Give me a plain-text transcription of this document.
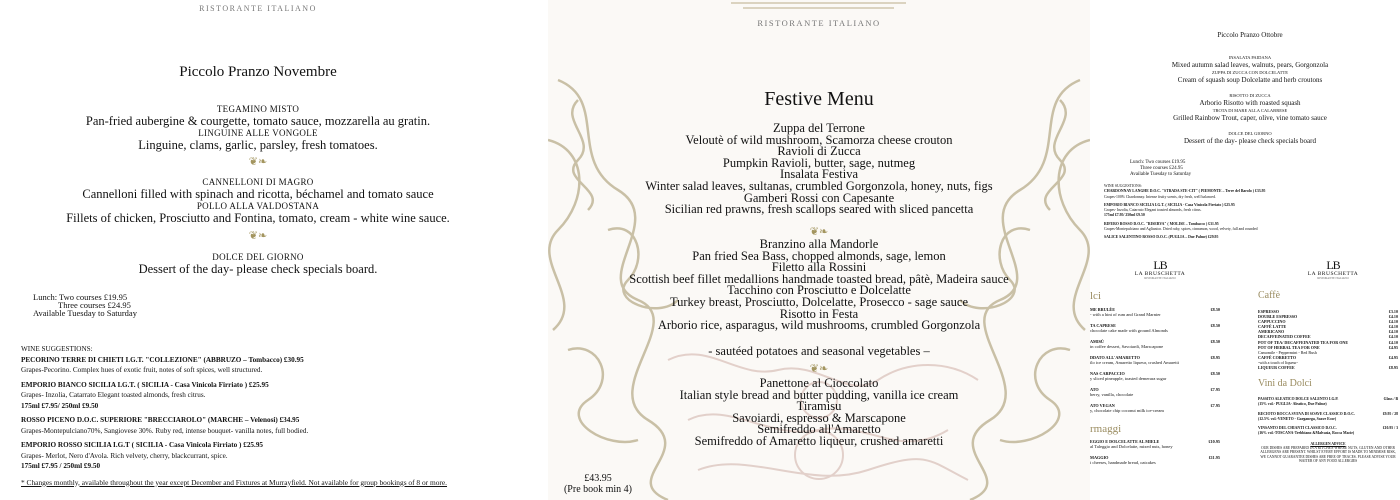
RISTORANTE ITALIANO
Piccolo Pranzo Novembre
TEGAMINO MISTO
Pan-fried aubergine & courgette, tomato sauce, mozzarella au gratin.
LINGUINE ALLE VONGOLE
Linguine, clams, garlic, parsley, fresh tomatoes.
❦❧
CANNELLONI DI MAGRO
Cannelloni filled with spinach and ricotta, béchamel and tomato sauce
POLLO ALLA VALDOSTANA
Fillets of chicken, Prosciutto and Fontina, tomato, cream - white wine sauce.
❦❧
DOLCE DEL GIORNO
Dessert of the day- please check specials board.
Lunch: Two courses £19.95
Three courses £24.95
Available Tuesday to Saturday
WINE SUGGESTIONS:
PECORINO TERRE DI CHIETI I.G.T. "COLLEZIONE" (ABBRUZO – Tombacco) £30.95
Grapes-Pecorino. Complex hues of exotic fruit, notes of soft spices, well structured.
EMPORIO BIANCO SICILIA I.G.T. ( SICILIA - Casa Vinicola Firriato ) £25.95
Grapes- Inzolia, Catarrato Elegant toasted almonds, fresh citrus.
175ml £7.95/ 250ml £9.50
ROSSO PICENO D.O.C. SUPERIORE "BRECCIAROLO" (MARCHE – Velenosi) £34.95
Grapes-Montepulciano70%, Sangiovese 30%. Ruby red, intense bouquet- vanilla notes, full bodied.
EMPORIO ROSSO SICILIA I.G.T ( SICILIA - Casa Vinicola Firriato ) £25.95
Grapes- Merlot, Nero d'Avola. Rich velvety, cherry, blackcurrant, spice.
175ml £7.95 / 250ml £9.50
* Changes monthly, available throughout the year except December and Fixtures at Murrayfield. Not available for group bookings of 8 or more.
RISTORANTE ITALIANO
Festive Menu
Zuppa del Terrone
Veloutè of wild mushroom, Scamorza cheese crouton
Ravioli di Zucca
Pumpkin Ravioli, butter, sage, nutmeg
Insalata Festiva
Winter salad leaves, sultanas, crumbled Gorgonzola, honey, nuts, figs
Gamberi Rossi con Capesante
Sicilian red prawns, fresh scallops seared with sliced pancetta
❦❧
Branzino alla Mandorle
Pan fried Sea Bass, chopped almonds, sage, lemon
Filetto alla Rossini
Scottish beef fillet medallions handmade toasted bread, pâtè, Madeira sauce
Tacchino con Prosciutto e Dolcelatte
Turkey breast, Prosciutto, Dolcelatte, Prosecco - sage sauce
Risotto in Festa
Arborio rice, asparagus, wild mushrooms, crumbled Gorgonzola
- sautéed potatoes and seasonal vegetables –
❦❧
Panettone al Cioccolato
Italian style bread and butter pudding, vanilla ice cream
Tiramisu
Savoiardi, espresso & Marscapone
Semifreddo all'Amaretto
Semifreddo of Amaretto liqueur, crushed amaretti
£43.95
(Pre book min 4)
Piccolo Pranzo Ottobre
INSALATA PAIDANA
Mixed autumn salad leaves, walnuts, pears, Gorgonzola
ZUPPA DI ZUCCA CON DOLCELATTE
Cream of squash soup Dolcelatte and herb croutons
RISOTTO DI ZUCCA
Arborio Risotto with roasted squash
TROTA DI MARE ALLA CALABRESE
Grilled Rainbow Trout, caper, olive, vine tomato sauce
DOLCE DEL GIORNO
Dessert of the day- please check specials board
Lunch: Two courses £19.95
Three courses £24.95
Available Tuesday to Saturday
WINE SUGGESTIONS:
CHARDONNAY LANGHE D.O.C. "STRADA STE-CIT" ( PIEMONTE – Terre del Barolo ) £33.95
Grapes-100% Chardonnay. Intense fruity scents, dry fresh, well balanced.
EMPORIO BIANCO SICILIA I.G.T. ( SICILIA - Casa Vinicola Firriato ) £25.95
Grapes- Inzolia, Catarrato Elegant toasted almonds, fresh citrus.
175ml £7.95/ 250ml £9.50
RIFERO ROSSO D.O.C. "RISERVA" ( MOLISE – Tombacco ) £31.95
Grapes-Montepulciano and Aglianico. Dried ruby, spices, cinnamon, wood, velvety, full and rounded
SALICE SALENTINO ROSSO D.O.C. (PUGLIA – Due Palme) £29.95
LB
LA BRUSCHETTA
RISTORANTE ITALIANO
LB
LA BRUSCHETTA
RISTORANTE ITALIANO
lci
ME BRULÈE	£8.50
- with a hint of rum and Grand Marnier
TA CAPRESE	£8.50
chocolate cake made with ground Almonds
AMISÙ	£8.50
in coffee dessert, Savoiardi, Marscapone
DDATO ALL'AMARETTO	£8.95
ilo ice cream, Amaretto liqueur, crushed Amaretti
NAS CARPACCIO	£8.50
y sliced pineapple, toasted demerara sugar
ATO	£7.95
berry, vanilla, chocolate
ATO VEGAN	£7.95
y, chocolate chip coconut milk ice-cream
rmaggi
EGGIO E DOLCELATTE AL MIELE	£10.95
al Taleggio and Dolcelatte, mixed nuts, honey
MAGGIO	£11.95
i cheeses, handmade bread, oatcakes
Caffè
ESPRESSO	£3.10
DOUBLE ESPRESSO	£4.10
CAPPUCCINO	£4.10
CAFFÈ LATTE	£4.10
AMERICANO	£4.10
DECAFFEINATED COFFEE	£4.10
POT OF TEA/ DECAFFEINATED TEA FOR ONE	£4.10
POT OF HERBAL TEA FOR ONE	£4.95
Camomile - Peppermint - Red Bush
CAFFÈ CORRETTO	£4.95
-with a touch of liqueur-
LIQUEUR COFFEE	£8.95
Vini da Dolci
PASSITO ALEATICO DOLCE SALENTO I.G.P.
(15% vol.- PUGLIA- Aleatico, Due Palme)
Glass / B
RECIOTO ROCCA SVEVA DI SOAVE CLASSICO D.O.C.
(12.5% vol.-VENETO - Garganega, Soave Ecor)
£9.95 / 28
VINSANTO DEL CHIANTI CLASSICO D.O.C.
(16% vol.-TOSCANA-Trebbiano &Malvasia, Rocca Macie)
£10.95 / 3
ALLERGEN ADVICE
OUR DISHES ARE PREPARED IN A KITCHEN WHERE NUTS, GLUTEN AND OTHER ALLERGENS ARE PRESENT. WHILST EVERY EFFORT IS MADE TO MINIMISE RISK, WE CANNOT GUARANTEE DISHES ARE FREE OF TRACES. PLEASE ADVISE YOUR WAITER OF ANY FOOD ALLERGIES
